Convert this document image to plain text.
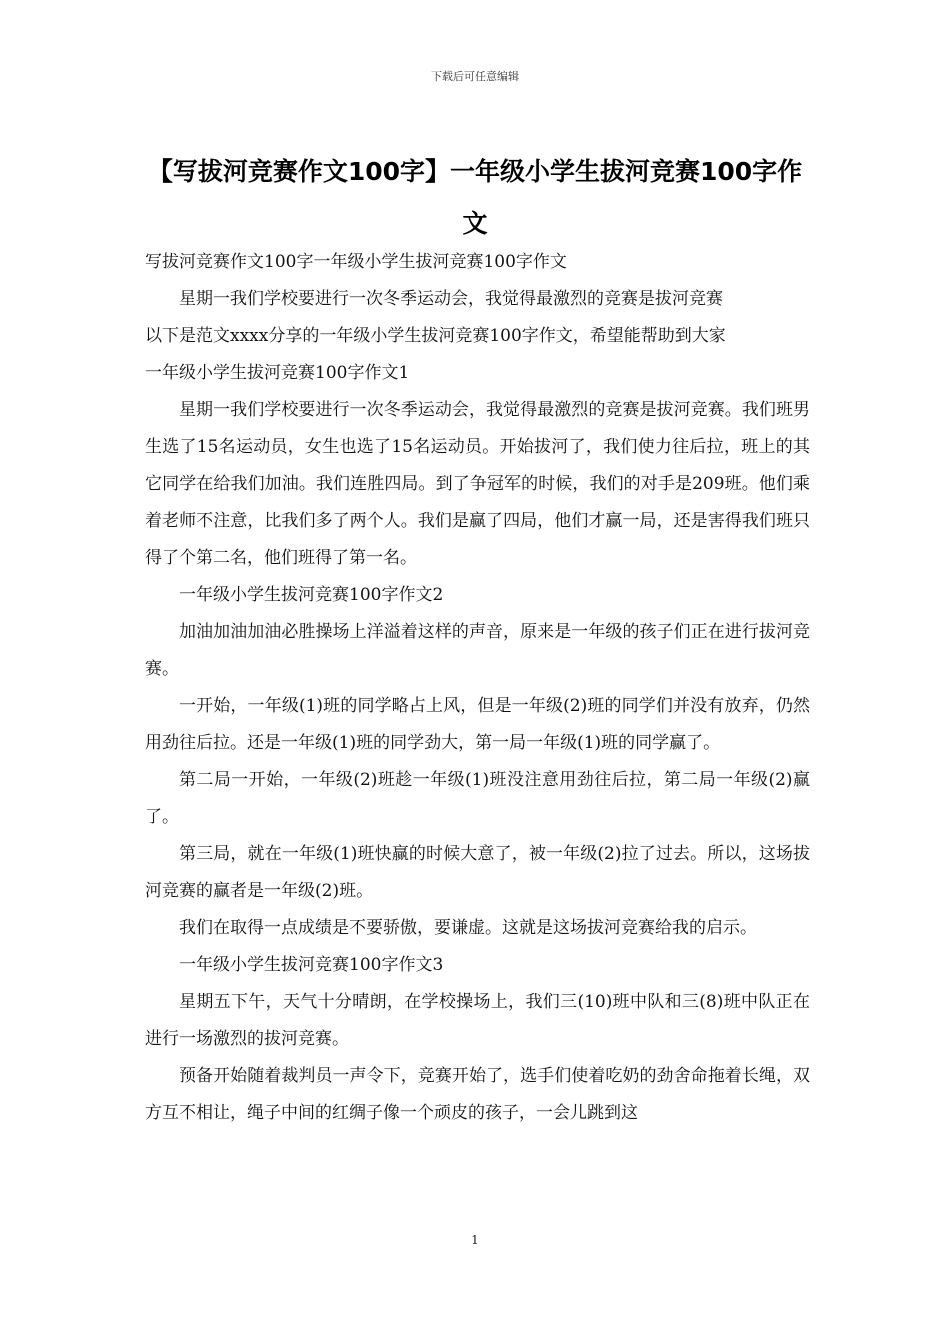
下载后可任意编辑
【写拔河竞赛作文100字】一年级小学生拔河竞赛100字作文

写拔河竞赛作文100字一年级小学生拔河竞赛100字作文

星期一我们学校要进行一次冬季运动会，我觉得最激烈的竞赛是拔河竞赛

以下是范文xxxx分享的一年级小学生拔河竞赛100字作文，希望能帮助到大家

一年级小学生拔河竞赛100字作文1

星期一我们学校要进行一次冬季运动会，我觉得最激烈的竞赛是拔河竞赛。我们班男生选了15名运动员，女生也选了15名运动员。开始拔河了，我们使力往后拉，班上的其它同学在给我们加油。我们连胜四局。到了争冠军的时候，我们的对手是209班。他们乘着老师不注意，比我们多了两个人。我们是赢了四局，他们才赢一局，还是害得我们班只得了个第二名，他们班得了第一名。

一年级小学生拔河竞赛100字作文2

加油加油加油必胜操场上洋溢着这样的声音，原来是一年级的孩子们正在进行拔河竞赛。

一开始，一年级(1)班的同学略占上风，但是一年级(2)班的同学们并没有放弃，仍然用劲往后拉。还是一年级(1)班的同学劲大，第一局一年级(1)班的同学赢了。

第二局一开始，一年级(2)班趁一年级(1)班没注意用劲往后拉，第二局一年级(2)赢了。

第三局，就在一年级(1)班快赢的时候大意了，被一年级(2)拉了过去。所以，这场拔河竞赛的赢者是一年级(2)班。

我们在取得一点成绩是不要骄傲，要谦虚。这就是这场拔河竞赛给我的启示。

一年级小学生拔河竞赛100字作文3

星期五下午，天气十分晴朗，在学校操场上，我们三(10)班中队和三(8)班中队正在进行一场激烈的拔河竞赛。

预备开始随着裁判员一声令下，竞赛开始了，选手们使着吃奶的劲舍命拖着长绳，双方互不相让，绳子中间的红绸子像一个顽皮的孩子，一会儿跳到这

1
